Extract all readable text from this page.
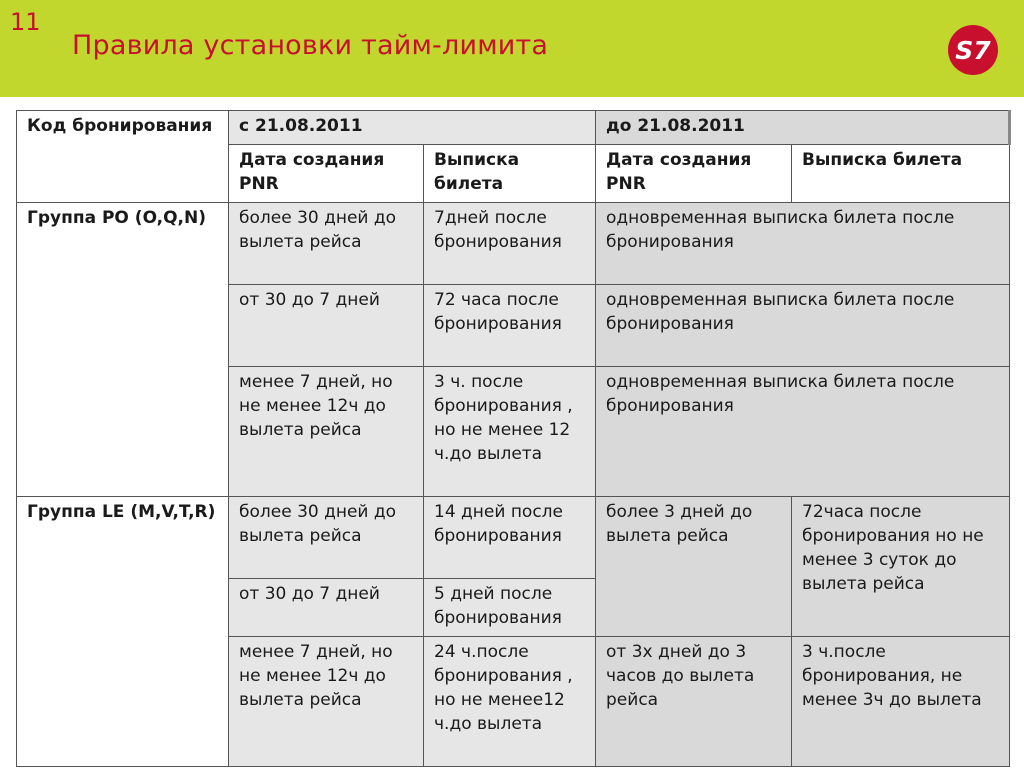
11
Правила установки тайм-лимита	S7
Код бронирования	с 21.08.2011		до 21.08.2011	
	Дата создания PNR	Выписка билета	Дата создания PNR	Выписка билета
Группа PO (O,Q,N)	более 30 дней до вылета рейса	7дней после бронирования	одновременная выписка билета после бронирования	
	от 30 до 7 дней	72 часа после бронирования	одновременная выписка билета после бронирования	
	менее 7 дней, но не менее 12ч до вылета рейса	3 ч. после бронирования , но не менее 12 ч.до вылета	одновременная выписка билета после бронирования	
Группа LE (M,V,T,R)	более 30 дней до вылета рейса	14 дней после бронирования	более 3 дней до вылета рейса	72часа после бронирования но не менее 3 суток до вылета рейса
	от 30 до 7 дней	5 дней после бронирования		
	менее 7 дней, но не менее 12ч до вылета рейса	24 ч.после бронирования , но не менее12 ч.до вылета	от 3х дней до 3 часов до вылета рейса	3 ч.после бронирования, не менее 3ч до вылета
